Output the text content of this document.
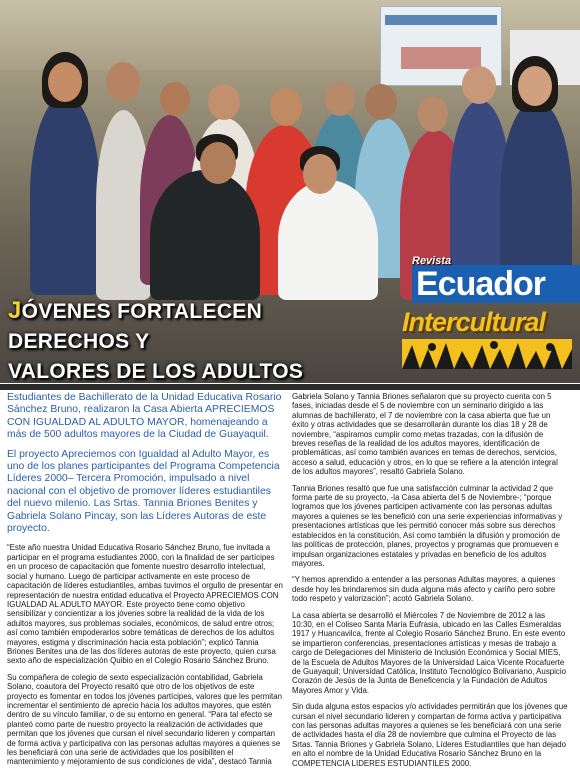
JÓVENES FORTALECEN DERECHOS Y
VALORES DE LOS ADULTOS
Ecuador
Revista
Intercultural

Estudiantes de Bachillerato de la Unidad Educativa Rosario Sánchez Bruno, realizaron la Casa Abierta APRECIEMOS CON IGUALDAD AL ADULTO MAYOR, homenajeando a más de 500 adultos mayores de la Ciudad de Guayaquil.

El proyecto Apreciemos con Igualdad al Adulto Mayor, es uno de los planes participantes del Programa Competencia Líderes 2000– Tercera Promoción, impulsado a nivel nacional con el objetivo de promover líderes estudiantiles del nuevo milenio. Las Srtas. Tannia Briones Benites y Gabriela Solano Pincay, son las Líderes Autoras de este proyecto.

“Este año nuestra Unidad Educativa Rosario Sánchez Bruno, fue invitada a participar en el programa estudiantes 2000, con la finalidad de ser partícipes en un proceso de capacitación que fomente nuestro desarrollo intelectual, social y humano. Luego de participar activamente en este proceso de capacitación de líderes estudiantiles, ambas tuvimos el orgullo de presentar en representación de nuestra entidad educativa el Proyecto APRECIEMOS CON IGUALDAD AL ADULTO MAYOR. Este proyecto tiene como objetivo sensibilizar y concientizar a los jóvenes sobre la realidad de la vida de los adultos mayores, sus problemas sociales, económicos, de salud entre otros; así como también empoderarlos sobre temáticas de derechos de los adultos mayores, estigma y discriminación hacia esta población”; explicó Tannia Briones Benites una de las dos líderes autoras de este proyecto, quien cursa sexto año de especialización Quibio en el Colegio Rosario Sánchez Bruno.

Su compañera de colegio de sexto especialización contabilidad, Gabriela Solano, coautora del Proyecto resaltó que otro de los objetivos de este proyecto es fomentar en todos los jóvenes partícipes, valores que les permitan incrementar el sentimiento de aprecio hacia los adultos mayores, que estén dentro de su vínculo familiar, o de su entorno en general. “Para tal efecto se planteó como parte de nuestro proyecto la realización de actividades que permitan que los jóvenes que cursan el nivel secundario lideren y compartan de forma activa y participativa con las personas adultas mayores a quienes se les beneficiará con una serie de actividades que los posibiliten el mantenimiento y mejoramiento de sus condiciones de vida”, destacó Tannia

Gabriela Solano y Tannia Briones señalaron que su proyecto cuenta con 5 fases, iniciadas desde el 5 de noviembre con un seminario dirigido a las alumnas de bachillerato, el 7 de noviembre con la casa abierta que fue un éxito y otras actividades que se desarrollarán durante los días 18 y 28 de noviembre, “aspiramos cumplir como metas trazadas, con la difusión de breves reseñas de la realidad de los adultos mayores, identificación de problemáticas, así como también avances en temas de derechos, servicios, acceso a salud, educación y otros, en lo que se refiere a la atención integral de los adultos mayores”, resaltó Gabriela Solano.

Tannia Briones resaltó que fue una satisfacción culminar la actividad 2 que forma parte de su proyecto, -la Casa abierta del 5 de Noviembre-; “porque logramos que los jóvenes participen activamente con las personas adultas mayores a quienes se les benefició con una serie experiencias informativas y presentaciones artísticas que les permitió conocer más sobre sus derechos establecidos en la constitución, Así como también la difusión y promoción de las políticas de protección, planes, proyectos y programas que promueven e impulsan organizaciones estatales y privadas en beneficio de los adultos mayores.

“Y hemos aprendido a entender a las personas Adultas mayores, a quienes desde hoy les brindaremos sin duda alguna más afecto y cariño pero sobre todo respeto y valorización”; acotó Gabriela Solano.

La casa abierta se desarrolló el Miércoles 7 de Noviembre de 2012 a las 10:30, en el Coliseo Santa María Eufrasia, ubicado en las Calles Esmeraldas 1917 y Huancavilca, frente al Colegio Rosario Sánchez Bruno. En este evento se impartieron conferencias, presentaciones artísticas y mesas de trabajo a cargo de Delegaciones del Ministerio de Inclusión Económica y Social MIES, de la Escuela de Adultos Mayores de la Universidad Laica Vicente Rocafuerte de Guayaquil; Universidad Católica, Instituto Tecnológico Bolivariano, Auspicio Corazón de Jesús de la Junta de Beneficencia y la Fundación de Adultos Mayores Amor y Vida.

Sin duda alguna estos espacios y/o actividades permitirán que los jóvenes que cursan el nivel secundario lideren y compartan de forma activa y participativa con las personas adultas mayores a quienes se les beneficiará con una serie de actividades hasta el día 28 de noviembre que culmina el Proyecto de las Srtas. Tannia Briones y Gabriela Solano, Líderes Estudiantiles que han dejado en alto el nombre de la Unidad Educativa Rosario Sánchez Bruno en la COMPETENCIA LIDERES ESTUDIANTILES 2000.
